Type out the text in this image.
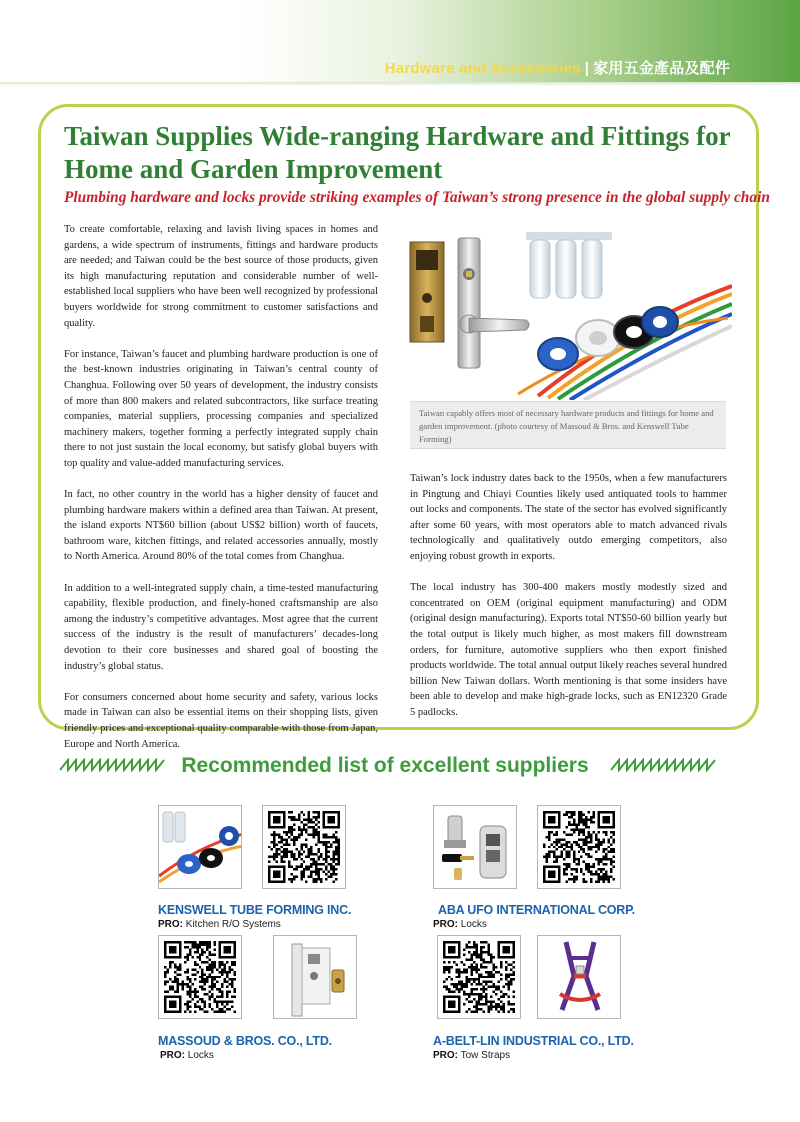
Hardware and Accessories | 家用五金產品及配件
Taiwan Supplies Wide-ranging Hardware and Fittings for Home and Garden Improvement

Plumbing hardware and locks provide striking examples of Taiwan’s strong presence in the global supply chain

To create comfortable, relaxing and lavish living spaces in homes and gardens, a wide spectrum of instruments, fittings and hardware products are needed; and Taiwan could be the best source of those products, given its high manufacturing reputation and considerable number of well-established local suppliers who have been well recognized by professional buyers worldwide for strong commitment to customer satisfactions and quality.

For instance, Taiwan’s faucet and plumbing hardware production is one of the best-known industries originating in Taiwan’s central county of Changhua. Following over 50 years of development, the industry consists of more than 800 makers and related subcontractors, like surface treating companies, material suppliers, processing companies and specialized machinery makers, together forming a perfectly integrated supply chain there to not just sustain the local economy, but satisfy global buyers with top quality and value-added manufacturing services.

In fact, no other country in the world has a higher density of faucet and plumbing hardware makers within a defined area than Taiwan. At present, the island exports NT$60 billion (about US$2 billion) worth of faucets, bathroom ware, kitchen fittings, and related accessories annually, mostly to North America. Around 80% of the total comes from Changhua.

In addition to a well-integrated supply chain, a time-tested manufacturing capability, flexible production, and finely-honed craftsmanship are also among the industry’s competitive advantages. Most agree that the current success of the industry is the result of manufacturers’ decades-long devotion to their core businesses and shared goal of boosting the industry’s global status.

For consumers concerned about home security and safety, various locks made in Taiwan can also be essential items on their shopping lists, given friendly prices and exceptional quality comparable with those from Japan, Europe and North America.

Taiwan capably offers most of necessary hardware products and fittings for home and garden improvement. (photo courtesy of Massoud & Bros. and Kenswell Tube Forming)

Taiwan’s lock industry dates back to the 1950s, when a few manufacturers in Pingtung and Chiayi Counties likely used antiquated tools to hammer out locks and components. The state of the sector has evolved significantly after some 60 years, with most operators able to match advanced rivals technologically and qualitatively outdo emerging competitors, also enjoying robust growth in exports.

The local industry has 300-400 makers mostly modestly sized and concentrated on OEM (original equipment manufacturing) and ODM (original design manufacturing). Exports total NT$50-60 billion yearly but the total output is likely much higher, as most makers fill downstream orders, for furniture, automotive suppliers who then export finished products worldwide. The total annual output likely reaches several hundred billion New Taiwan dollars. Worth mentioning is that some insiders have been able to develop and make high-grade locks, such as EN12320 Grade 5 padlocks.

Recommended list of excellent suppliers
KENSWELL TUBE FORMING INC.
PRO: Kitchen R/O Systems
ABA UFO INTERNATIONAL CORP.
PRO: Locks
MASSOUD & BROS. CO., LTD.
PRO: Locks
A-BELT-LIN INDUSTRIAL CO., LTD.
PRO: Tow Straps
